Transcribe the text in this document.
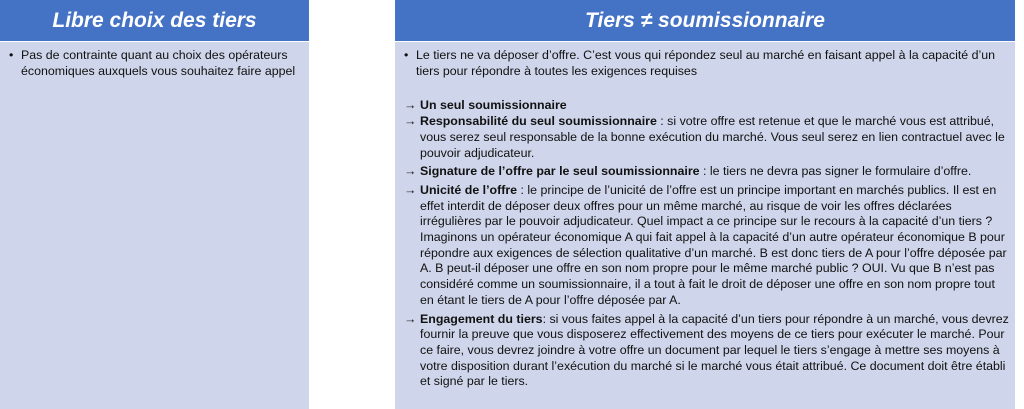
Libre choix des tiers
• Pas de contrainte quant au choix des opérateurs économiques auxquels vous souhaitez faire appel
Tiers ≠ soumissionnaire
• Le tiers ne va déposer d’offre. C’est vous qui répondez seul au marché en faisant appel à la capacité d’un tiers pour répondre à toutes les exigences requises
→ Un seul soumissionnaire
→ Responsabilité du seul soumissionnaire : si votre offre est retenue et que le marché vous est attribué, vous serez seul responsable de la bonne exécution du marché. Vous seul serez en lien contractuel avec le pouvoir adjudicateur.
→ Signature de l’offre par le seul soumissionnaire : le tiers ne devra pas signer le formulaire d’offre.
→ Unicité de l’offre : le principe de l’unicité de l’offre est un principe important en marchés publics. Il est en effet interdit de déposer deux offres pour un même marché, au risque de voir les offres déclarées irrégulières par le pouvoir adjudicateur. Quel impact a ce principe sur le recours à la capacité d’un tiers ? Imaginons un opérateur économique A qui fait appel à la capacité d’un autre opérateur économique B pour répondre aux exigences de sélection qualitative d’un marché. B est donc tiers de A pour l’offre déposée par A. B peut-il déposer une offre en son nom propre pour le même marché public ? OUI. Vu que B n’est pas considéré comme un soumissionnaire, il a tout à fait le droit de déposer une offre en son nom propre tout en étant le tiers de A pour l’offre déposée par A.
→ Engagement du tiers: si vous faites appel à la capacité d’un tiers pour répondre à un marché, vous devrez fournir la preuve que vous disposerez effectivement des moyens de ce tiers pour exécuter le marché. Pour ce faire, vous devrez joindre à votre offre un document par lequel le tiers s’engage à mettre ses moyens à votre disposition durant l’exécution du marché si le marché vous était attribué. Ce document doit être établi et signé par le tiers.
